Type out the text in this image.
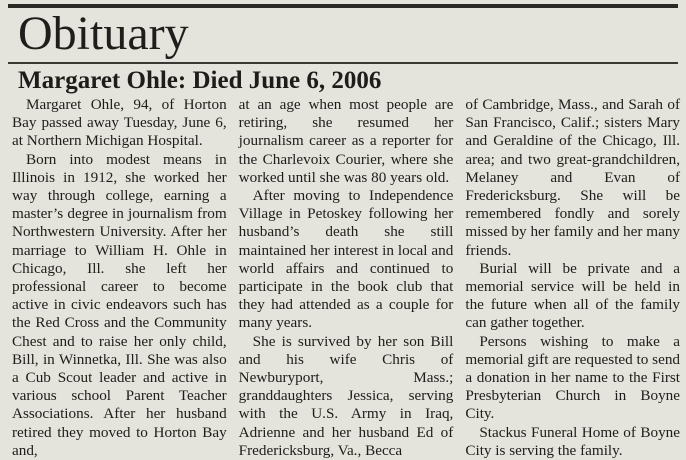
Obituary
Margaret Ohle: Died June 6, 2006

Margaret Ohle, 94, of Horton Bay passed away Tuesday, June 6, at Northern Michigan Hospital.

Born into modest means in Illinois in 1912, she worked her way through college, earning a master’s degree in journalism from Northwestern University. After her marriage to William H. Ohle in Chicago, Ill. she left her professional career to become active in civic endeavors such has the Red Cross and the Community Chest and to raise her only child, Bill, in Winnetka, Ill. She was also a Cub Scout leader and active in various school Parent Teacher Associations. After her husband retired they moved to Horton Bay and,

at an age when most people are retiring, she resumed her journalism career as a reporter for the Charlevoix Courier, where she worked until she was 80 years old.

After moving to Independence Village in Petoskey following her husband’s death she still maintained her interest in local and world affairs and continued to participate in the book club that they had attended as a couple for many years.

She is survived by her son Bill and his wife Chris of Newburyport, Mass.; granddaughters Jessica, serving with the U.S. Army in Iraq, Adrienne and her husband Ed of Fredericksburg, Va., Becca

of Cambridge, Mass., and Sarah of San Francisco, Calif.; sisters Mary and Geraldine of the Chicago, Ill. area; and two great-grandchildren, Melaney and Evan of Fredericksburg. She will be remembered fondly and sorely missed by her family and her many friends.

Burial will be private and a memorial service will be held in the future when all of the family can gather together.

Persons wishing to make a memorial gift are requested to send a donation in her name to the First Presbyterian Church in Boyne City.

Stackus Funeral Home of Boyne City is serving the family.
